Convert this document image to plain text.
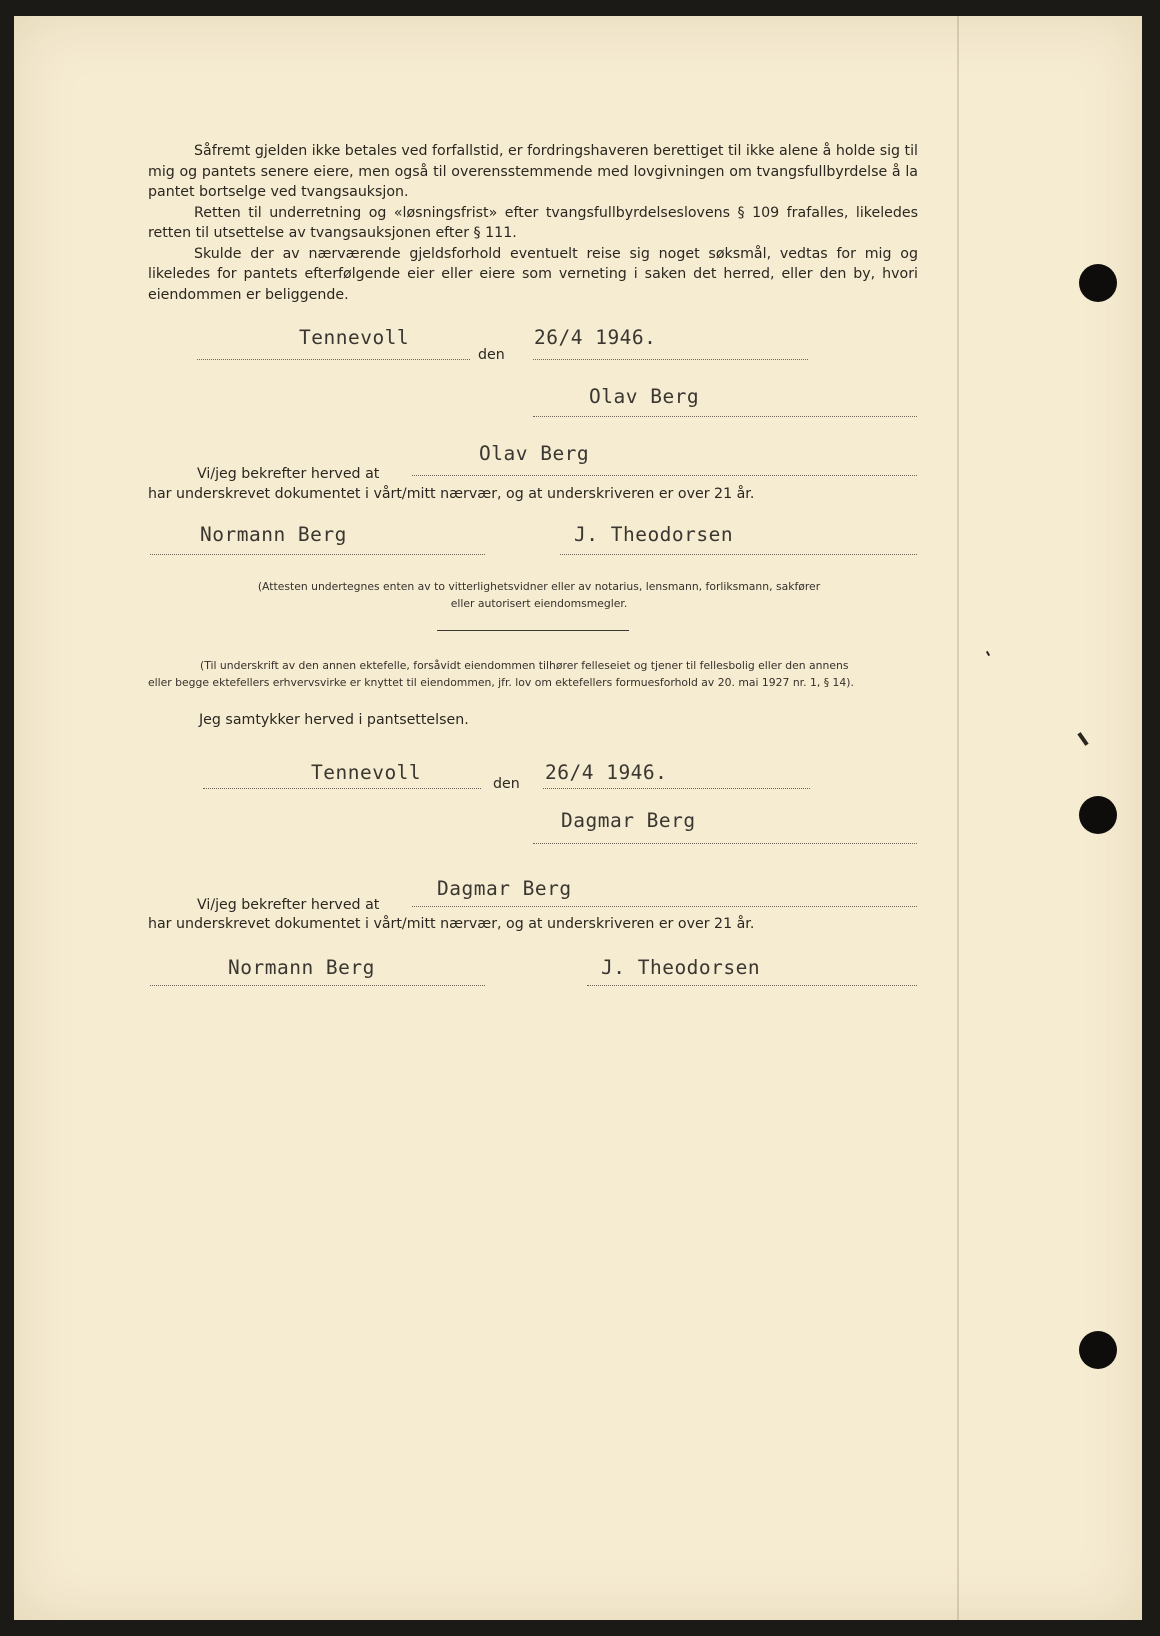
Såfremt gjelden ikke betales ved forfallstid, er fordringshaveren berettiget til ikke alene å holde sig til mig og pantets senere eiere, men også til overensstemmende med lovgivningen om tvangsfullbyrdelse å la pantet bortselge ved tvangsauksjon.

Retten til underretning og «løsningsfrist» efter tvangsfullbyrdelseslovens § 109 frafalles, likeledes retten til utsettelse av tvangsauksjonen efter § 111.

Skulde der av nærværende gjeldsforhold eventuelt reise sig noget søksmål, vedtas for mig og likeledes for pantets efterfølgende eier eller eiere som verneting i saken det herred, eller den by, hvori eiendommen er beliggende.

Tennevoll
den
26/4 1946.
Olav Berg
Vi/jeg bekrefter herved at
Olav Berg
har underskrevet dokumentet i vårt/mitt nærvær, og at underskriveren er over 21 år.
Normann Berg	J. Theodorsen
(Attesten undertegnes enten av to vitterlighetsvidner eller av notarius, lensmann, forliksmann, sakfører
eller autorisert eiendomsmegler.
(Til underskrift av den annen ektefelle, forsåvidt eiendommen tilhører felleseiet og tjener til fellesbolig eller den annens
eller begge ektefellers erhvervsvirke er knyttet til eiendommen, jfr. lov om ektefellers formuesforhold av 20. mai 1927 nr. 1, § 14).
Jeg samtykker herved i pantsettelsen.
Tennevoll	den 26/4 1946.
Dagmar Berg
Vi/jeg bekrefter herved at
Dagmar Berg
har underskrevet dokumentet i vårt/mitt nærvær, og at underskriveren er over 21 år.
Normann Berg	J. Theodorsen
